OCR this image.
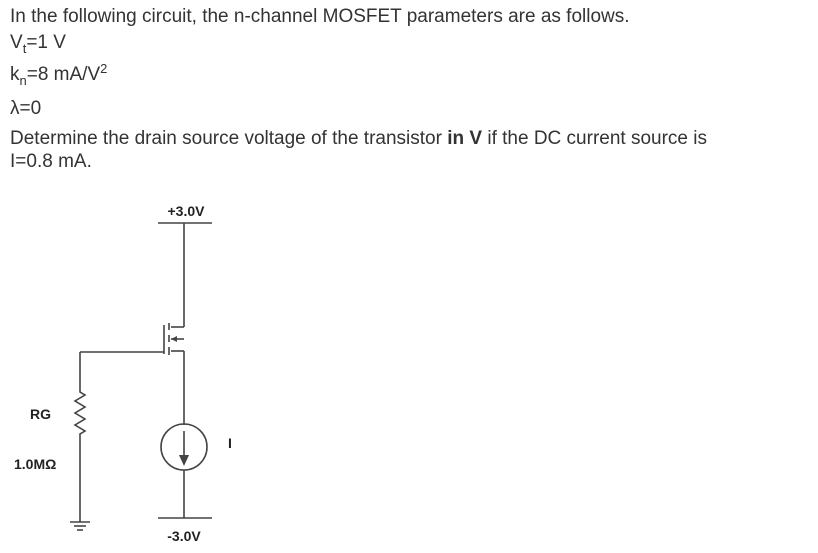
In the following circuit, the n-channel MOSFET parameters are as follows.
$V_t=1$ V
$k_n=8$ $mA/V^2$
λ=0
Determine the drain source voltage of the transistor in V if the DC current source is
I=0.8 mA.
+3.0V
-3.0V
RG
1.0MΩ
I
